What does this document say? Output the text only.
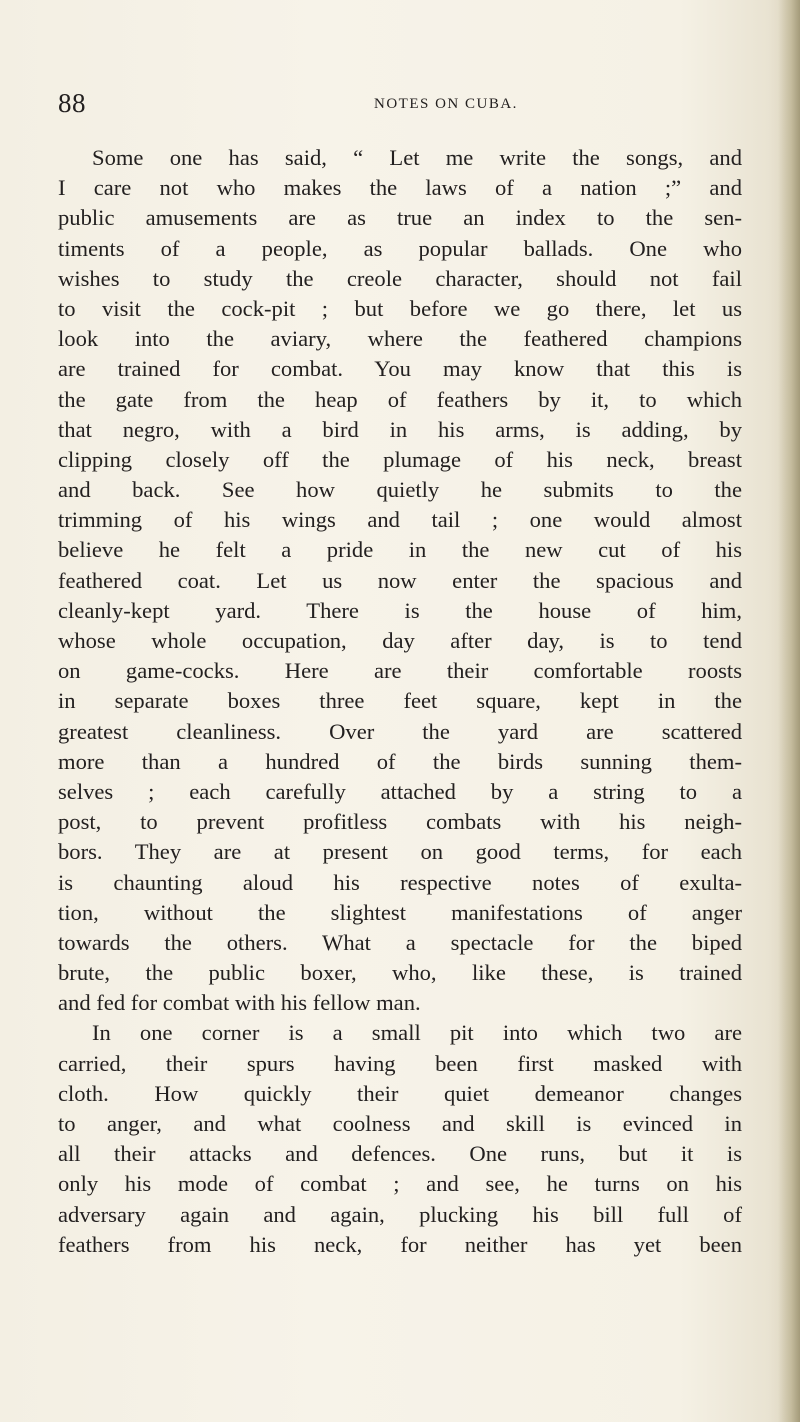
88	NOTES ON CUBA.
Some one has said, “ Let me write the songs, and
I care not who makes the laws of a nation ;” and
public amusements are as true an index to the sen-
timents of a people, as popular ballads. One who
wishes to study the creole character, should not fail
to visit the cock-pit ; but before we go there, let us
look into the aviary, where the feathered champions
are trained for combat. You may know that this is
the gate from the heap of feathers by it, to which
that negro, with a bird in his arms, is adding, by
clipping closely off the plumage of his neck, breast
and back. See how quietly he submits to the
trimming of his wings and tail ; one would almost
believe he felt a pride in the new cut of his
feathered coat. Let us now enter the spacious and
cleanly-kept yard. There is the house of him,
whose whole occupation, day after day, is to tend
on game-cocks. Here are their comfortable roosts
in separate boxes three feet square, kept in the
greatest cleanliness. Over the yard are scattered
more than a hundred of the birds sunning them-
selves ; each carefully attached by a string to a
post, to prevent profitless combats with his neigh-
bors. They are at present on good terms, for each
is chaunting aloud his respective notes of exulta-
tion, without the slightest manifestations of anger
towards the others. What a spectacle for the biped
brute, the public boxer, who, like these, is trained
and fed for combat with his fellow man.
In one corner is a small pit into which two are
carried, their spurs having been first masked with
cloth. How quickly their quiet demeanor changes
to anger, and what coolness and skill is evinced in
all their attacks and defences. One runs, but it is
only his mode of combat ; and see, he turns on his
adversary again and again, plucking his bill full of
feathers from his neck, for neither has yet been
